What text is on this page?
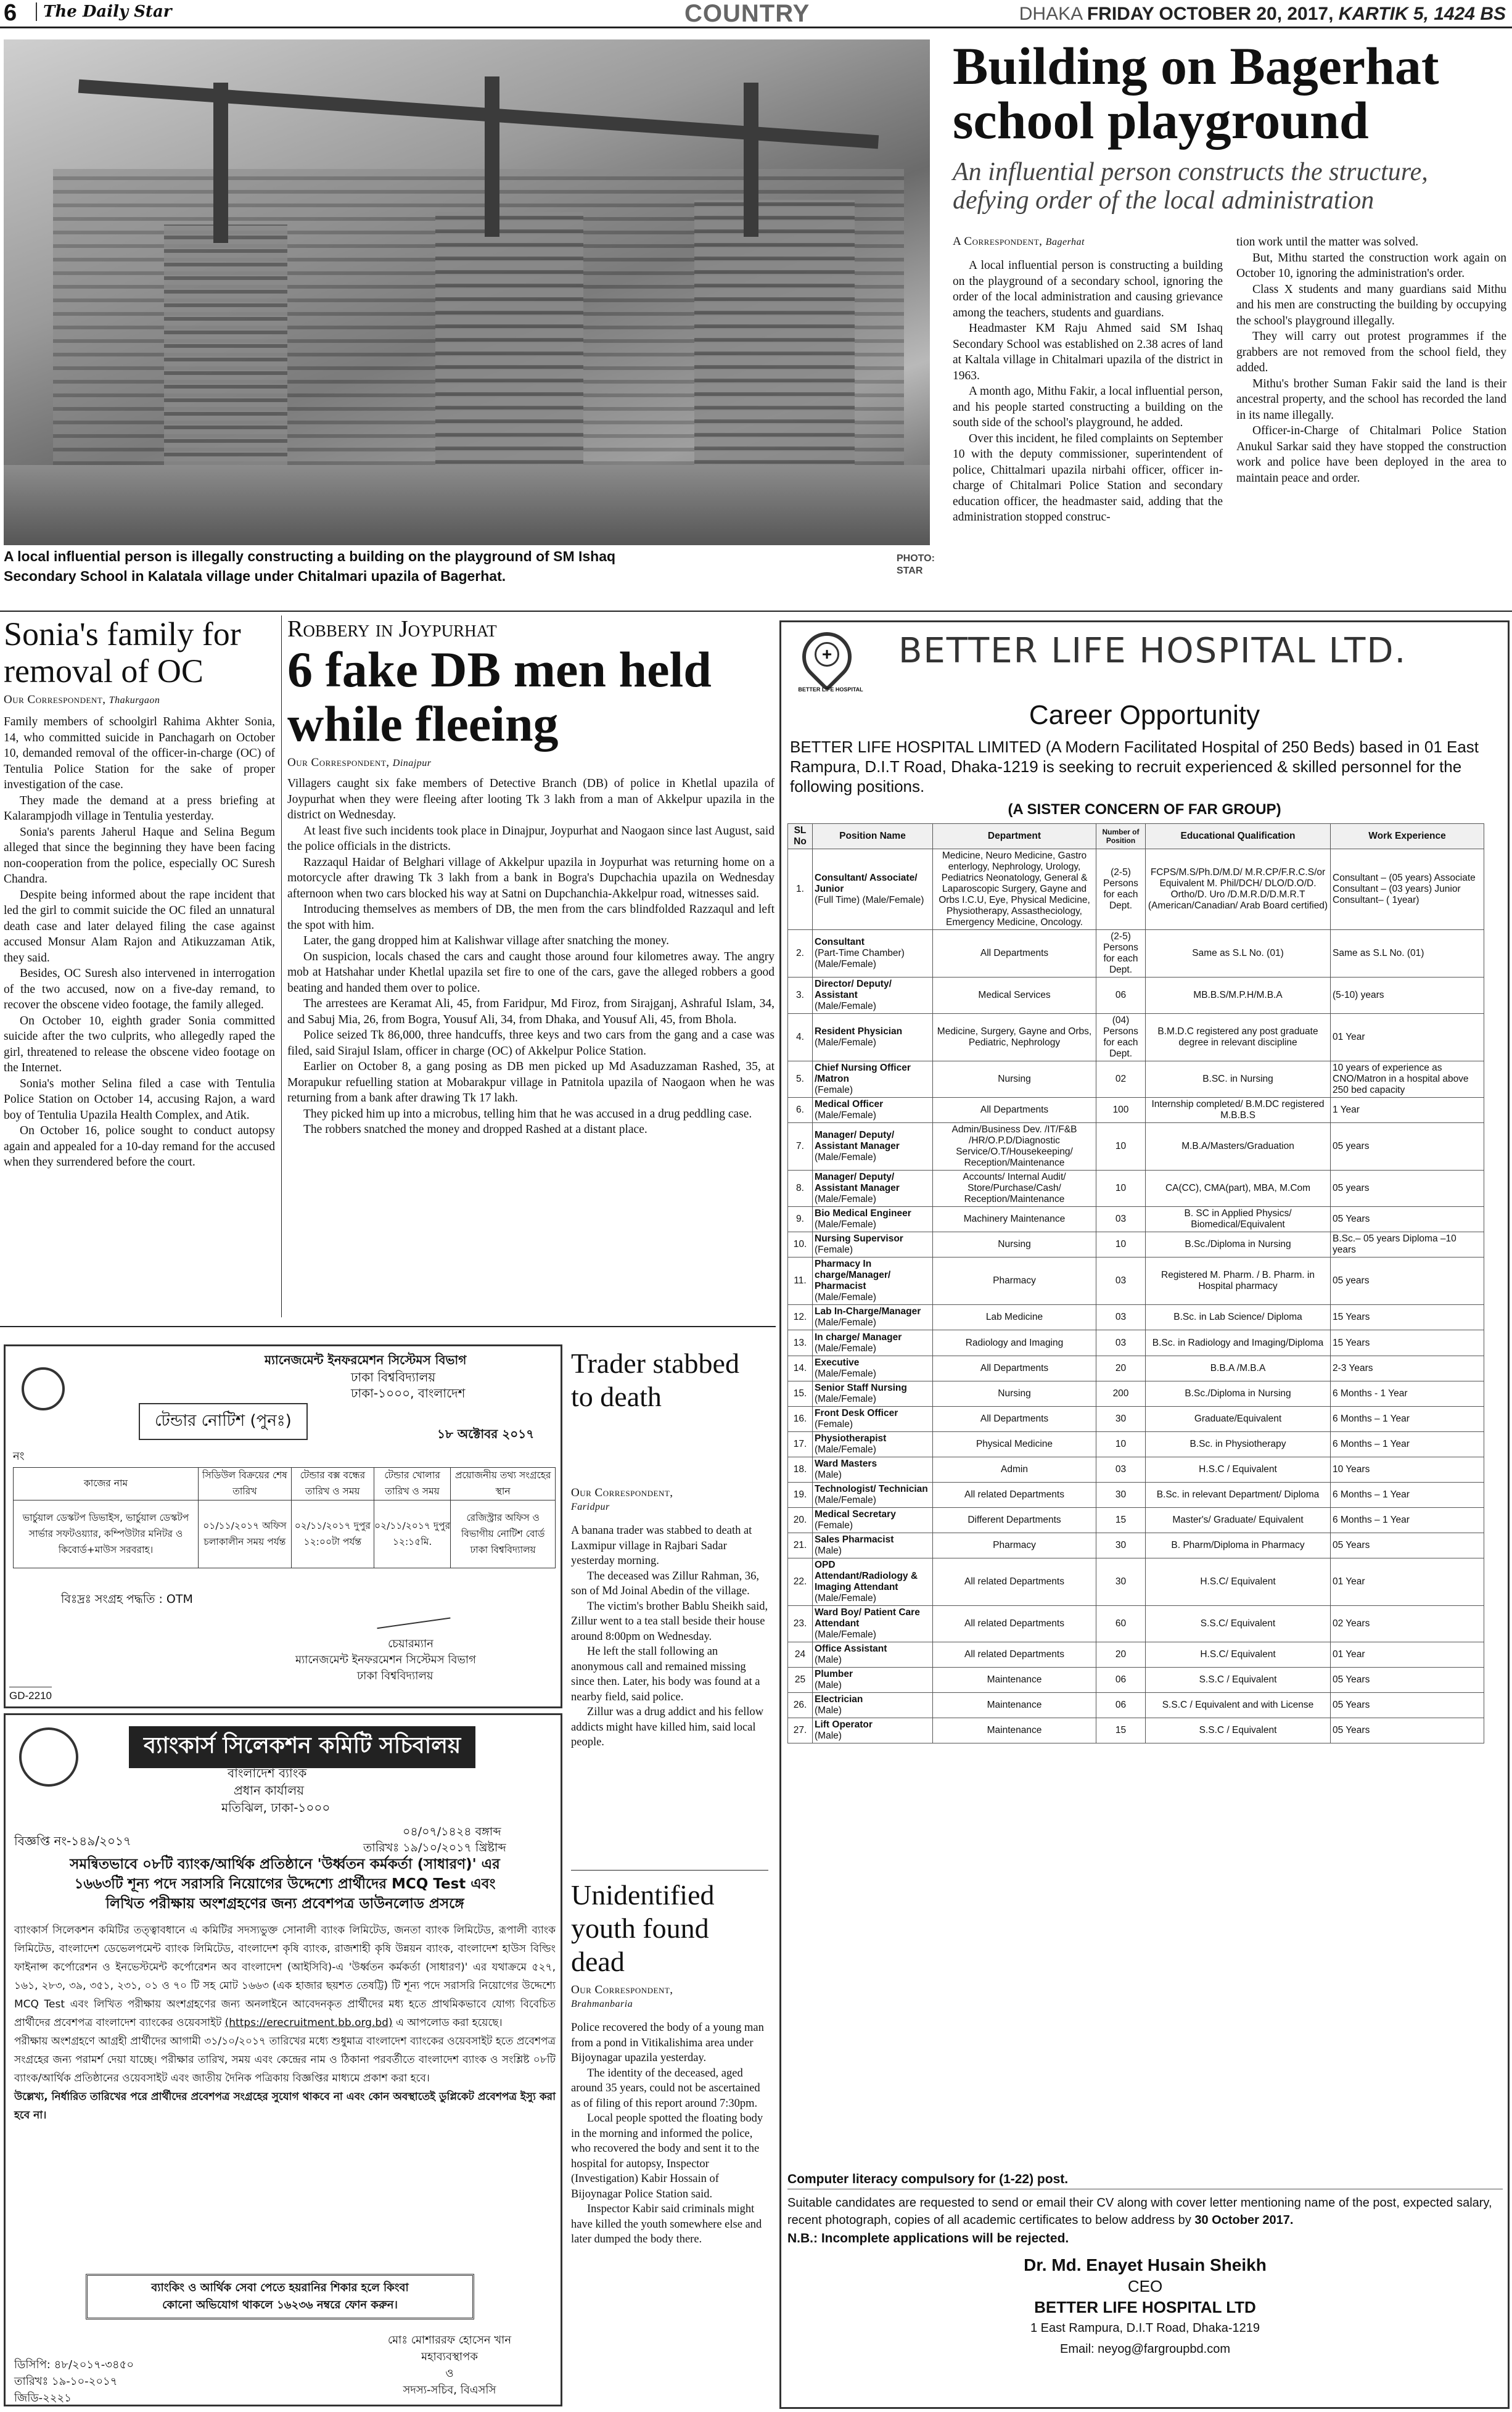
6	The Daily Star	COUNTRY	DHAKA FRIDAY OCTOBER 20, 2017, KARTIK 5, 1424 BS
A local influential person is illegally constructing a building on the playground of SM Ishaq Secondary School in Kalatala village under Chitalmari upazila of Bagerhat.
PHOTO:
STAR
Building on Bagerhat school playground
An influential person constructs the structure, defying order of the local administration
A Correspondent, Bagerhat

A local influential person is constructing a building on the playground of a secondary school, ignoring the order of the local administration and causing grievance among the teachers, students and guardians.

Headmaster KM Raju Ahmed said SM Ishaq Secondary School was established on 2.38 acres of land at Kaltala village in Chitalmari upazila of the district in 1963.

A month ago, Mithu Fakir, a local influential person, and his people started constructing a building on the south side of the school's playground, he added.

Over this incident, he filed complaints on September 10 with the deputy commissioner, superintendent of police, Chittalmari upazila nirbahi officer, officer in-charge of Chitalmari Police Station and secondary education officer, the headmaster said, adding that the administration stopped construc-

tion work until the matter was solved.

But, Mithu started the construction work again on October 10, ignoring the administration's order.

Class X students and many guardians said Mithu and his men are constructing the building by occupying the school's playground illegally.

They will carry out protest programmes if the grabbers are not removed from the school field, they added.

Mithu's brother Suman Fakir said the land is their ancestral property, and the school has recorded the land in its name illegally.

Officer-in-Charge of Chitalmari Police Station Anukul Sarkar said they have stopped the construction work and police have been deployed in the area to maintain peace and order.

Sonia's family for removal of OC
Our Correspondent, Thakurgaon

Family members of schoolgirl Rahima Akhter Sonia, 14, who committed suicide in Panchagarh on October 10, demanded removal of the officer-in-charge (OC) of Tentulia Police Station for the sake of proper investigation of the case.

They made the demand at a press briefing at Kalarampjodh village in Tentulia yesterday.

Sonia's parents Jaherul Haque and Selina Begum alleged that since the beginning they have been facing non-cooperation from the police, especially OC Suresh Chandra.

Despite being informed about the rape incident that led the girl to commit suicide the OC filed an unnatural death case and later delayed filing the case against accused Monsur Alam Rajon and Atikuzzaman Atik, they said.

Besides, OC Suresh also intervened in interrogation of the two accused, now on a five-day remand, to recover the obscene video footage, the family alleged.

On October 10, eighth grader Sonia committed suicide after the two culprits, who allegedly raped the girl, threatened to release the obscene video footage on the Internet.

Sonia's mother Selina filed a case with Tentulia Police Station on October 14, accusing Rajon, a ward boy of Tentulia Upazila Health Complex, and Atik.

On October 16, police sought to conduct autopsy again and appealed for a 10-day remand for the accused when they surrendered before the court.

Robbery in Joypurhat
6 fake DB men held while fleeing
Our Correspondent, Dinajpur

Villagers caught six fake members of Detective Branch (DB) of police in Khetlal upazila of Joypurhat when they were fleeing after looting Tk 3 lakh from a man of Akkelpur upazila in the district on Wednesday.

At least five such incidents took place in Dinajpur, Joypurhat and Naogaon since last August, said the police officials in the districts.

Razzaqul Haidar of Belghari village of Akkelpur upazila in Joypurhat was returning home on a motorcycle after drawing Tk 3 lakh from a bank in Bogra's Dupchachia upazila on Wednesday afternoon when two cars blocked his way at Satni on Dupchanchia-Akkelpur road, witnesses said.

Introducing themselves as members of DB, the men from the cars blindfolded Razzaqul and left the spot with him.

Later, the gang dropped him at Kalishwar village after snatching the money.

On suspicion, locals chased the cars and caught those around four kilometres away. The angry mob at Hatshahar under Khetlal upazila set fire to one of the cars, gave the alleged robbers a good beating and handed them over to police.

The arrestees are Keramat Ali, 45, from Faridpur, Md Firoz, from Sirajganj, Ashraful Islam, 34, and Sabuj Mia, 26, from Bogra, Yousuf Ali, 34, from Dhaka, and Yousuf Ali, 45, from Bhola.

Police seized Tk 86,000, three handcuffs, three keys and two cars from the gang and a case was filed, said Sirajul Islam, officer in charge (OC) of Akkelpur Police Station.

Earlier on October 8, a gang posing as DB men picked up Md Asaduzzaman Rashed, 35, at Morapukur refuelling station at Mobarakpur village in Patnitola upazila of Naogaon when he was returning from a bank after drawing Tk 17 lakh.

They picked him up into a microbus, telling him that he was accused in a drug peddling case.

The robbers snatched the money and dropped Rashed at a distant place.

ম্যানেজমেন্ট ইনফরমেশন সিস্টেমস বিভাগ
ঢাকা বিশ্ববিদ্যালয়
ঢাকা-১০০০, বাংলাদেশ
টেন্ডার নোটিশ (পুনঃ)
১৮ অক্টোবর ২০১৭
নং
কাজের নাম	সিডিউল বিক্রয়ের শেষ তারিখ	টেন্ডার বক্স বন্ধের তারিখ ও সময়	টেন্ডার খোলার তারিখ ও সময়	প্রয়োজনীয় তথ্য সংগ্রহের স্থান
ভার্চুয়াল ডেস্কটপ ডিভাইস, ভার্চুয়াল ডেস্কটপ সার্ভার সফটওয়্যার, কম্পিউটার মনিটর ও কিবোর্ড+মাউস সরবরাহ।	০১/১১/২০১৭ অফিস চলাকালীন সময় পর্যন্ত	০২/১১/২০১৭ দুপুর ১২:০০টা পর্যন্ত	০২/১১/২০১৭ দুপুর ১২:১৫মি.	রেজিস্ট্রার অফিস ও বিভাগীয় নোটিশ বোর্ড ঢাকা বিশ্ববিদ্যালয়
বিঃদ্রঃ সংগ্রহ পদ্ধতি : OTM
চেয়ারম্যান
ম্যানেজমেন্ট ইনফরমেশন সিস্টেমস বিভাগ
ঢাকা বিশ্ববিদ্যালয়
GD-2210
ব্যাংকার্স সিলেকশন কমিটি সচিবালয়
বাংলাদেশ ব্যাংক
প্রধান কার্যালয়
মতিঝিল, ঢাকা-১০০০
বিজ্ঞপ্তি নং-১৪৯/২০১৭
০৪/০৭/১৪২৪ বঙ্গাব্দ
তারিখঃ ১৯/১০/২০১৭ খ্রিষ্টাব্দ
সমন্বিতভাবে ০৮টি ব্যাংক/আর্থিক প্রতিষ্ঠানে 'উর্ধ্বতন কর্মকর্তা (সাধারণ)' এর
১৬৬৩টি শূন্য পদে সরাসরি নিয়োগের উদ্দেশ্যে প্রার্থীদের MCQ Test এবং
লিখিত পরীক্ষায় অংশগ্রহণের জন্য প্রবেশপত্র ডাউনলোড প্রসঙ্গে

ব্যাংকার্স সিলেকশন কমিটির তত্ত্বাবধানে এ কমিটির সদস্যভুক্ত সোনালী ব্যাংক লিমিটেড, জনতা ব্যাংক লিমিটেড, রূপালী ব্যাংক লিমিটেড, বাংলাদেশ ডেভেলপমেন্ট ব্যাংক লিমিটেড, বাংলাদেশ কৃষি ব্যাংক, রাজশাহী কৃষি উন্নয়ন ব্যাংক, বাংলাদেশ হাউস বিল্ডিং ফাইনান্স কর্পোরেশন ও ইনভেস্টমেন্ট কর্পোরেশন অব বাংলাদেশ (আইসিবি)-এ 'উর্ধ্বতন কর্মকর্তা (সাধারণ)' এর যথাক্রমে ৫২৭, ১৬১, ২৮৩, ৩৯, ৩৫১, ২৩১, ০১ ও ৭০ টি সহ মোট ১৬৬৩ (এক হাজার ছয়শত তেষট্টি) টি শূন্য পদে সরাসরি নিয়োগের উদ্দেশ্যে MCQ Test এবং লিখিত পরীক্ষায় অংশগ্রহণের জন্য অনলাইনে আবেদনকৃত প্রার্থীদের মধ্য হতে প্রাথমিকভাবে যোগ্য বিবেচিত প্রার্থীদের প্রবেশপত্র বাংলাদেশ ব্যাংকের ওয়েবসাইট (https://erecruitment.bb.org.bd) এ আপলোড করা হয়েছে।

পরীক্ষায় অংশগ্রহণে আগ্রহী প্রার্থীদের আগামী ৩১/১০/২০১৭ তারিখের মধ্যে শুধুমাত্র বাংলাদেশ ব্যাংকের ওয়েবসাইট হতে প্রবেশপত্র সংগ্রহের জন্য পরামর্শ দেয়া যাচ্ছে। পরীক্ষার তারিখ, সময় এবং কেন্দ্রের নাম ও ঠিকানা পরবর্তীতে বাংলাদেশ ব্যাংক ও সংশ্লিষ্ট ০৮টি ব্যাংক/আর্থিক প্রতিষ্ঠানের ওয়েবসাইট এবং জাতীয় দৈনিক পত্রিকায় বিজ্ঞপ্তির মাধ্যমে প্রকাশ করা হবে।

উল্লেখ্য, নির্ধারিত তারিখের পরে প্রার্থীদের প্রবেশপত্র সংগ্রহের সুযোগ থাকবে না এবং কোন অবস্থাতেই ডুপ্লিকেট প্রবেশপত্র ইস্যু করা হবে না।

ব্যাংকিং ও আর্থিক সেবা পেতে হয়রানির শিকার হলে কিংবা
কোনো অভিযোগ থাকলে ১৬২৩৬ নম্বরে ফোন করুন।
মোঃ মোশাররফ হোসেন খান
মহাব্যবস্থাপক
ও
সদস্য-সচিব, বিএসসি
ডিসিপি: ৪৮/২০১৭-৩৪৫০
তারিখঃ ১৯-১০-২০১৭
জিডি-২২২১
Trader stabbed to death
Our Correspondent,
Faridpur

A banana trader was stabbed to death at Laxmipur village in Rajbari Sadar yesterday morning.

The deceased was Zillur Rahman, 36, son of Md Joinal Abedin of the village.

The victim's brother Bablu Sheikh said, Zillur went to a tea stall beside their house around 8:00pm on Wednesday.

He left the stall following an anonymous call and remained missing since then. Later, his body was found at a nearby field, said police.

Zillur was a drug addict and his fellow addicts might have killed him, said local people.

Unidentified youth found dead
Our Correspondent,
Brahmanbaria

Police recovered the body of a young man from a pond in Vitikalishima area under Bijoynagar upazila yesterday.

The identity of the deceased, aged around 35 years, could not be ascertained as of filing of this report around 7:30pm.

Local people spotted the floating body in the morning and informed the police, who recovered the body and sent it to the hospital for autopsy, Inspector (Investigation) Kabir Hossain of Bijoynagar Police Station said.

Inspector Kabir said criminals might have killed the youth somewhere else and later dumped the body there.

+
BETTER LIFE HOSPITAL
BETTER LIFE HOSPITAL LTD.
Career Opportunity
BETTER LIFE HOSPITAL LIMITED (A Modern Facilitated Hospital of 250 Beds) based in 01 East Rampura, D.I.T Road, Dhaka-1219 is seeking to recruit experienced & skilled personnel for the following positions.
(A SISTER CONCERN OF FAR GROUP)
SL No	Position Name	Department	Number of Position	Educational Qualification	Work Experience
1.	Consultant/ Associate/ Junior
(Full Time) (Male/Female)	Medicine, Neuro Medicine, Gastro enterlogy, Nephrology, Urology, Pediatrics Neonatology, General & Laparoscopic Surgery, Gayne and Orbs I.C.U, Eye, Physical Medicine, Physiotherapy, Assastheciology, Emergency Medicine, Oncology.	(2-5) Persons for each Dept.	FCPS/M.S/Ph.D/M.D/ M.R.CP/F.R.C.S/or Equivalent M. Phil/DCH/ DLO/D.O/D. Ortho/D. Uro /D.M.R.D/D.M.R.T (American/Canadian/ Arab Board certified)	Consultant – (05 years) Associate Consultant – (03 years) Junior Consultant– ( 1year)
2.	Consultant
(Part-Time Chamber) (Male/Female)	All Departments	(2-5) Persons for each Dept.	Same as S.L No. (01)	Same as S.L No. (01)
3.	Director/ Deputy/ Assistant
(Male/Female)	Medical Services	06	MB.B.S/M.P.H/M.B.A	(5-10) years
4.	Resident Physician
(Male/Female)	Medicine, Surgery, Gayne and Orbs, Pediatric, Nephrology	(04) Persons for each Dept.	B.M.D.C registered any post graduate degree in relevant discipline	01 Year
5.	Chief Nursing Officer /Matron
(Female)	Nursing	02	B.SC. in Nursing	10 years of experience as CNO/Matron in a hospital above 250 bed capacity
6.	Medical Officer
(Male/Female)	All Departments	100	Internship completed/ B.M.DC registered M.B.B.S	1 Year
7.	Manager/ Deputy/ Assistant Manager
(Male/Female)	Admin/Business Dev. /IT/F&B /HR/O.P.D/Diagnostic Service/O.T/Housekeeping/ Reception/Maintenance	10	M.B.A/Masters/Graduation	05 years
8.	Manager/ Deputy/ Assistant Manager
(Male/Female)	Accounts/ Internal Audit/ Store/Purchase/Cash/ Reception/Maintenance	10	CA(CC), CMA(part), MBA, M.Com	05 years
9.	Bio Medical Engineer
(Male/Female)	Machinery Maintenance	03	B. SC in Applied Physics/ Biomedical/Equivalent	05 Years
10.	Nursing Supervisor
(Female)	Nursing	10	B.Sc./Diploma in Nursing	B.Sc.– 05 years Diploma –10 years
11.	Pharmacy In charge/Manager/ Pharmacist
(Male/Female)	Pharmacy	03	Registered M. Pharm. / B. Pharm. in Hospital pharmacy	05 years
12.	Lab In-Charge/Manager
(Male/Female)	Lab Medicine	03	B.Sc. in Lab Science/ Diploma	15 Years
13.	In charge/ Manager
(Male/Female)	Radiology and Imaging	03	B.Sc. in Radiology and Imaging/Diploma	15 Years
14.	Executive
(Male/Female)	All Departments	20	B.B.A /M.B.A	2-3 Years
15.	Senior Staff Nursing
(Male/Female)	Nursing	200	B.Sc./Diploma in Nursing	6 Months - 1 Year
16.	Front Desk Officer
(Female)	All Departments	30	Graduate/Equivalent	6 Months – 1 Year
17.	Physiotherapist
(Male/Female)	Physical Medicine	10	B.Sc. in Physiotherapy	6 Months – 1 Year
18.	Ward Masters
(Male)	Admin	03	H.S.C / Equivalent	10 Years
19.	Technologist/ Technician
(Male/Female)	All related Departments	30	B.Sc. in relevant Department/ Diploma	6 Months – 1 Year
20.	Medical Secretary
(Female)	Different Departments	15	Master's/ Graduate/ Equivalent	6 Months – 1 Year
21.	Sales Pharmacist
(Male)	Pharmacy	30	B. Pharm/Diploma in Pharmacy	05 Years
22.	OPD Attendant/Radiology & Imaging Attendant
(Male/Female)	All related Departments	30	H.S.C/ Equivalent	01 Year
23.	Ward Boy/ Patient Care Attendant
(Male/Female)	All related Departments	60	S.S.C/ Equivalent	02 Years
24	Office Assistant
(Male)	All related Departments	20	H.S.C/ Equivalent	01 Year
25	Plumber
(Male)	Maintenance	06	S.S.C / Equivalent	05 Years
26.	Electrician
(Male)	Maintenance	06	S.S.C / Equivalent and with License	05 Years
27.	Lift Operator
(Male)	Maintenance	15	S.S.C / Equivalent	05 Years
Computer literacy compulsory for (1-22) post.
Suitable candidates are requested to send or email their CV along with cover letter mentioning name of the post, expected salary, recent photograph, copies of all academic certificates to below address by 30 October 2017.
N.B.: Incomplete applications will be rejected.
Dr. Md. Enayet Husain Sheikh
CEO
BETTER LIFE HOSPITAL LTD
1 East Rampura, D.I.T Road, Dhaka-1219
Email: neyog@fargroupbd.com
